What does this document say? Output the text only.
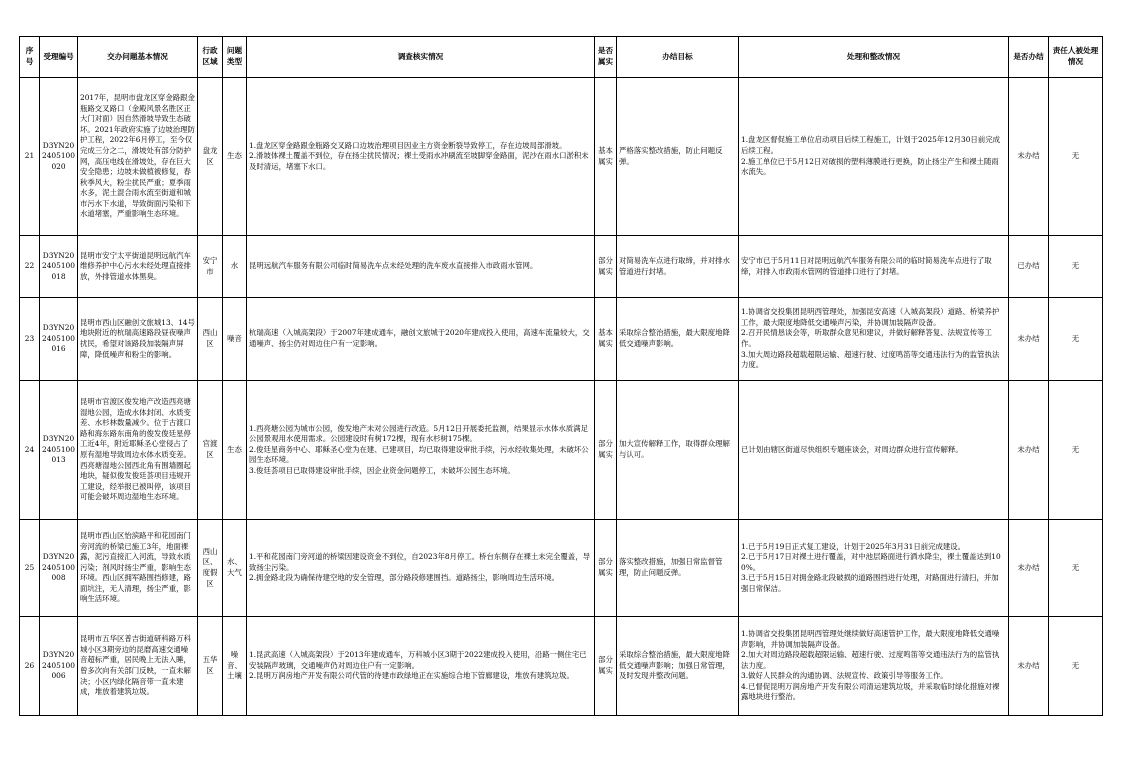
序号	受理编号	交办问题基本情况	行政区域	问题类型	调查核实情况	是否属实	办结目标	处理和整改情况	是否办结	责任人被处理情况
21	D3YN202405100020	2017年，昆明市盘龙区穿金路跟金瓶路交叉路口（金殿风景名胜区正大门对面）因自然滑坡导致生态破坏。2021年政府实施了边坡治理防护工程，2022年6月停工，至今仅完成三分之二，滑坡处有部分防护网，高压电线在滑坡处，存在巨大安全隐患；边坡未做植被修复，春秋季风大，粉尘扰民严重；夏季雨水多，泥土混合雨水流至街道和城市污水下水道，导致街面污染和下水道堵塞，严重影响生态环境。	盘龙区	生态	1.盘龙区穿金路跟金瓶路交叉路口边坡治理项目因业主方资金断裂导致停工，存在边坡局部滑坡。
2.滑坡体裸土覆盖不到位，存在扬尘扰民情况；裸土受雨水冲刷流至坡脚穿金路面，泥沙在雨水口淤积未及时清运，堵塞下水口。	基本属实	严格落实整改措施，防止问题反弹。	1.盘龙区督促施工单位启动项目后续工程施工，计划于2025年12月30日前完成后续工程。
2.施工单位已于5月12日对破损的塑料薄膜进行更换，防止扬尘产生和裸土随雨水流失。	未办结	无
22	D3YN202405100018	昆明市安宁太平街道昆明远航汽车维修养护中心污水未经处理直接排放，外排管道水体黑臭。	安宁市	水	昆明远航汽车服务有限公司临时简易洗车点未经处理的洗车废水直接排入市政雨水管网。	部分属实	对简易洗车点进行取缔，并对排水管道进行封堵。	安宁市已于5月11日对昆明远航汽车服务有限公司的临时简易洗车点进行了取缔，对排入市政雨水管网的管道排口进行了封堵。	已办结	无
23	D3YN202405100016	昆明市西山区融创文旅城13、14号地块附近的杭瑞高速路段昼夜噪声扰民，希望对该路段加装隔声屏障，降低噪声和粉尘的影响。	西山区	噪音	杭瑞高速（入城高架段）于2007年建成通车，融创文旅城于2020年建成投入使用，高速车流量较大，交通噪声、扬尘仍对周边住户有一定影响。	基本属实	采取综合整治措施，最大限度地降低交通噪声影响。	1.协调省交投集团昆明西管理处，加强昆安高速（入城高架段）道路、桥梁养护工作，最大限度地降低交通噪声污染，并协调加装隔声设备。
2.召开民情恳谈会等，听取群众意见和建议，并做好解释答复、法规宣传等工作。
3.加大周边路段超载超限运输、超速行驶、过度鸣笛等交通违法行为的监管执法力度。	未办结	无
24	D3YN202405100013	昆明市官渡区俊发地产改造西亮塘湿地公园，造成水体封闭、水质变差、水杉林数量减少。位于古渡口路和海东路东南角的俊发俊廷星停工近4年，附近耶稣圣心堂侵占了原有湿地导致周边水体水质变差。西亮塘湿地公园西北角有围墙圈起地块，疑似俊发俊廷荟项目违规开工建设，经举报已被叫停，该项目可能会破坏周边湿地生态环境。	官渡区	生态	1.西亮塘公园为城市公园，俊发地产未对公园进行改造。5月12日开展委托监测，结果显示水体水质满足公园景观用水使用需求。公园建设时有树172棵，现有水杉树175棵。
2.俊廷星商务中心、耶稣圣心堂为在建、已建项目，均已取得建设审批手续，污水经收集处理，未破坏公园生态环境。
3.俊廷荟项目已取得建设审批手续，因企业资金问题停工，未破坏公园生态环境。	部分属实	加大宣传解释工作，取得群众理解与认可。	已计划由辖区街道尽快组织专题座谈会，对周边群众进行宣传解释。	未办结	无
25	D3YN202405100008	昆明市西山区怡滨路平和花园南门旁河流的桥梁已施工3年，地面裸露，泥污直接汇入河流，导致水质污染；剂风时扬尘严重，影响生态环境。西山区拥军路围挡修建，路面坑注，无人清理，扬尘严重，影响生活环境。	西山区、度假区	水、大气	1.平和花园南门旁河道的桥梁因建设资金不到位，自2023年8月停工。桥台东侧存在裸土未完全覆盖，导致扬尘污染。
2.拥金路北段为确保待建空地的安全管理，部分路段修建围挡。道路扬尘，影响周边生活环境。	部分属实	落实整改措施，加强日常监督管理，防止问题反弹。	1.已于5月19日正式复工建设，计划于2025年3月31日前完成建设。
2.已于5月17日对裸土进行覆盖，对中池层路面进行洒水降尘，裸土覆盖达到100%。
3.已于5月15日对拥金路北段破损的道路围挡进行处理，对路面进行清扫，并加强日常保洁。	未办结	无
26	D3YN202405100006	昆明市五华区普吉街道研科路万科城小区3期旁边的昆磨高速交通噪音超标严重，居民晚上无法入睡，曾多次向有关部门反映，一直未解决；小区内绿化隔音带一直未建成，堆放着建筑垃圾。	五华区	噪音、土壤	1.昆武高速（入城高架段）于2013年建成通车，万科城小区3期于2022建成投入使用，沿路一侧住宅已安装隔声玻璃，交通噪声仍对周边住户有一定影响。
2.昆明万润房地产开发有限公司代管的待建市政绿地正在实施综合地下管廊建设，堆放有建筑垃圾。	部分属实	采取综合整治措施，最大限度地降低交通噪声影响；加强日常管理，及时发现并整改问题。	1.协调省交投集团昆明西管理处继续做好高速管护工作，最大限度地降低交通噪声影响，并协调加装隔声设备。
2.加大对周边路段超载超限运输、超速行驶、过度鸣笛等交通违法行为的监管执法力度。
3.做好人民群众的沟通协调、法规宣传、政策引导等服务工作。
4.已督促昆明万润房地产开发有限公司清运建筑垃圾，并采取临时绿化措施对裸露地块进行整治。	未办结	无
